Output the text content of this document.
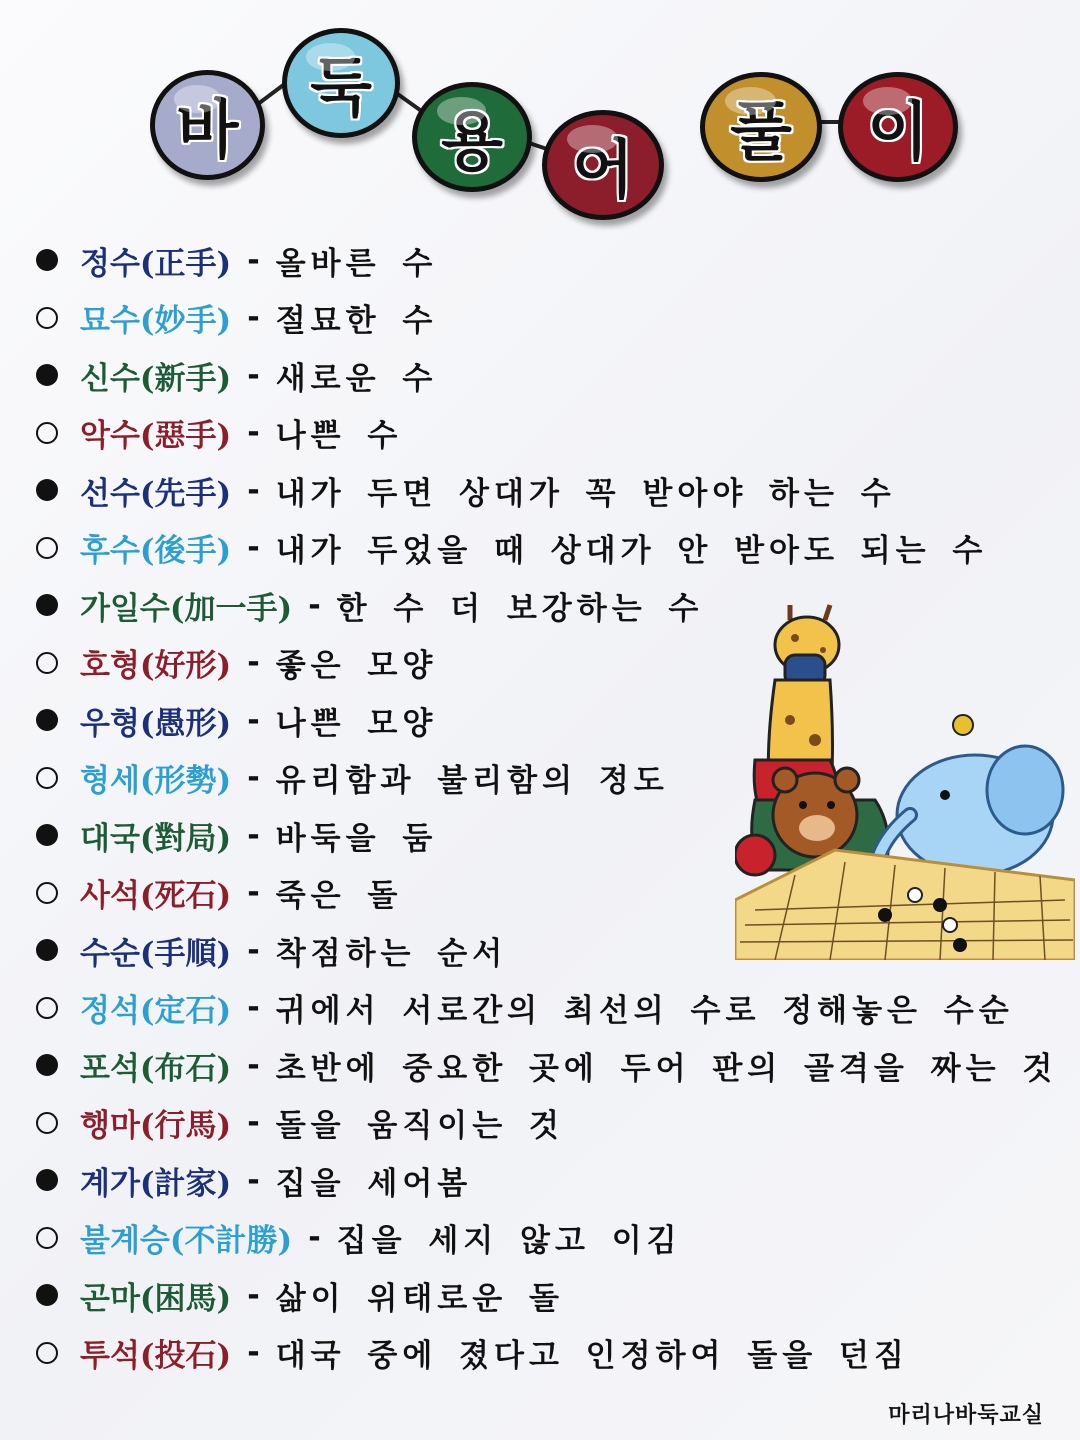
바
둑
용 어
풀 이
정수(正手) - 올바른 수
묘수(妙手) - 절묘한 수
신수(新手) - 새로운 수
악수(惡手) - 나쁜 수
선수(先手) - 내가 두면 상대가 꼭 받아야 하는 수
후수(後手) - 내가 두었을 때 상대가 안 받아도 되는 수
가일수(加一手) - 한 수 더 보강하는 수
호형(好形) - 좋은 모양
우형(愚形) - 나쁜 모양
형세(形勢) - 유리함과 불리함의 정도
대국(對局) - 바둑을 둠
사석(死石) - 죽은 돌
수순(手順) - 착점하는 순서
정석(定石) - 귀에서 서로간의 최선의 수로 정해놓은 수순
포석(布石) - 초반에 중요한 곳에 두어 판의 골격을 짜는 것
행마(行馬) - 돌을 움직이는 것
계가(計家) - 집을 세어봄
불계승(不計勝) - 집을 세지 않고 이김
곤마(困馬) - 삶이 위태로운 돌
투석(投石) - 대국 중에 졌다고 인정하여 돌을 던짐
마리나바둑교실
